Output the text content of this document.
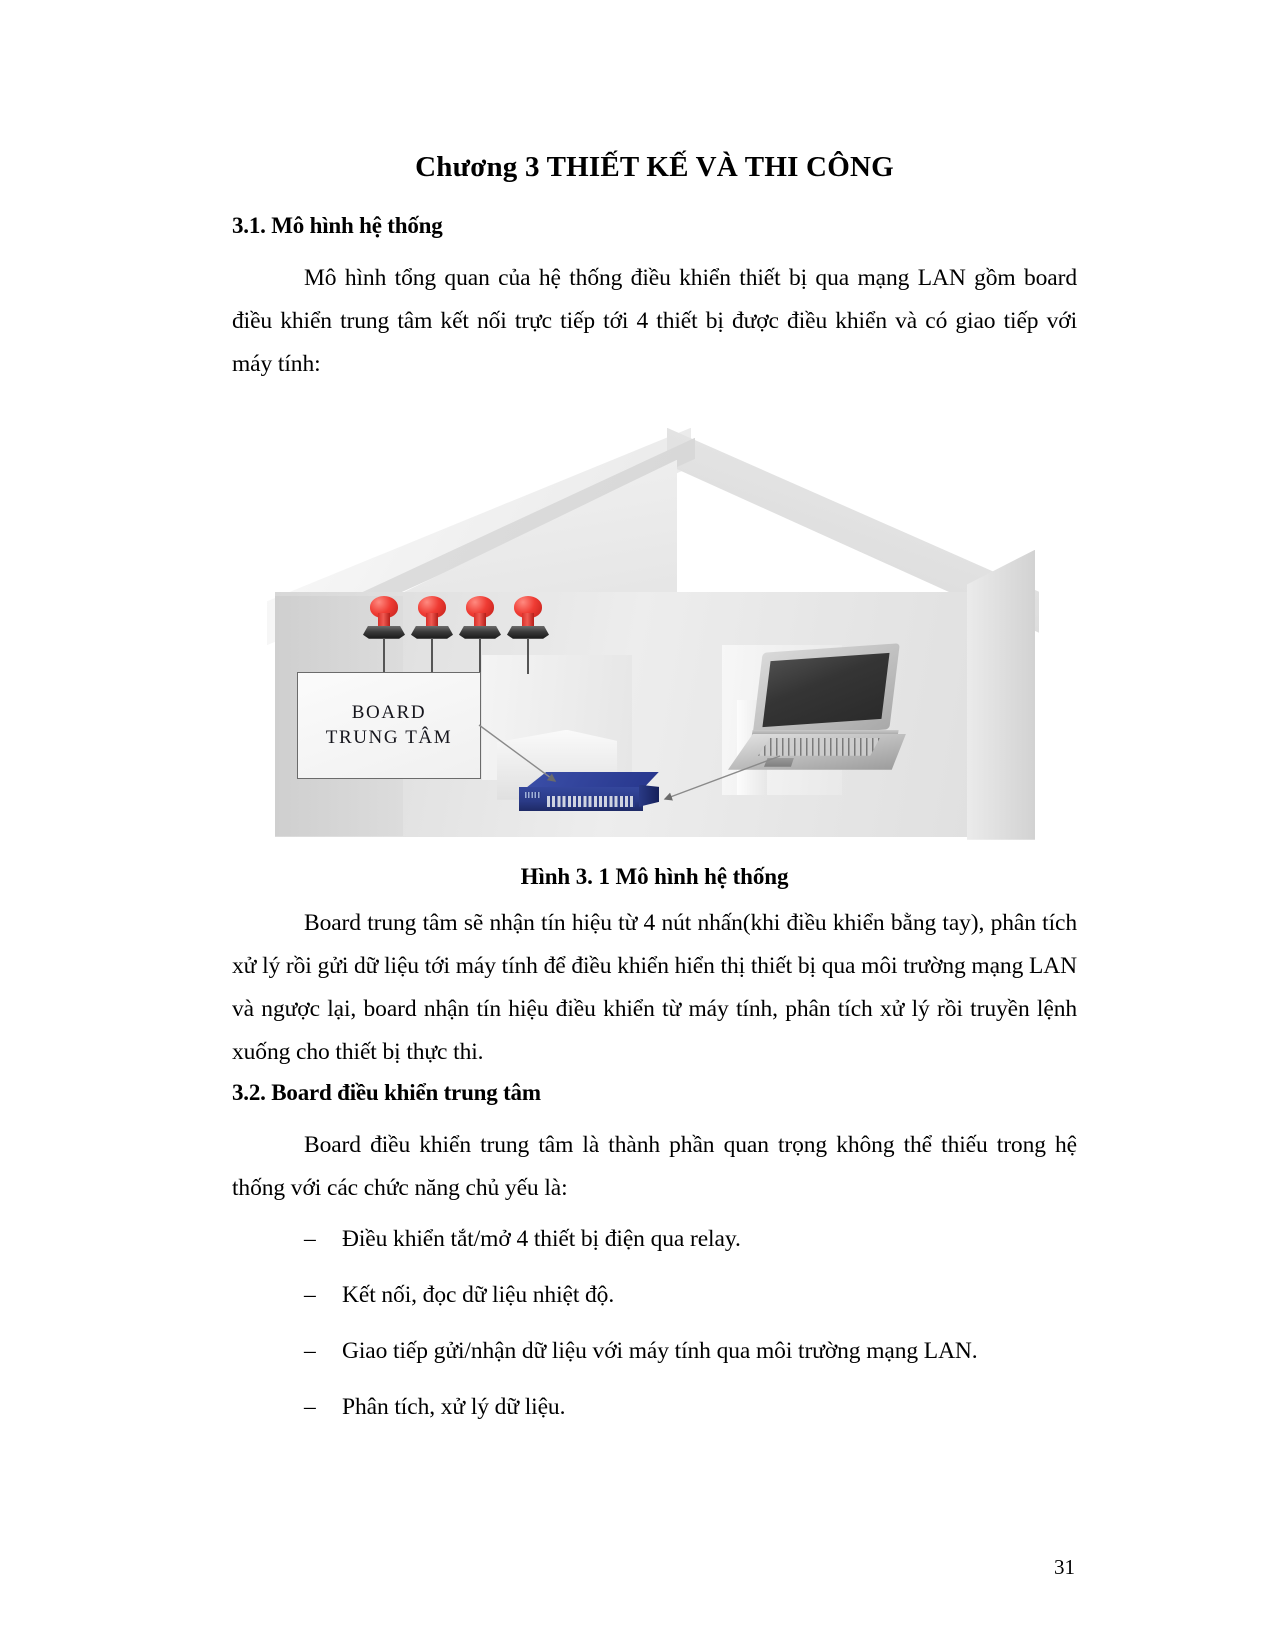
Chương 3 THIẾT KẾ VÀ THI CÔNG
3.1. Mô hình hệ thống

Mô hình tổng quan của hệ thống điều khiển thiết bị qua mạng LAN gồm board điều khiển trung tâm kết nối trực tiếp tới 4 thiết bị được điều khiển và có giao tiếp với máy tính:

BOARD
TRUNG TÂM
Hình 3. 1 Mô hình hệ thống

Board trung tâm sẽ nhận tín hiệu từ 4 nút nhấn(khi điều khiển bằng tay), phân tích xử lý rồi gửi dữ liệu tới máy tính để điều khiển hiển thị thiết bị qua môi trường mạng LAN và ngược lại, board nhận tín hiệu điều khiển từ máy tính, phân tích xử lý rồi truyền lệnh xuống cho thiết bị thực thi.

3.2. Board điều khiển trung tâm

Board điều khiển trung tâm là thành phần quan trọng không thể thiếu trong hệ thống với các chức năng chủ yếu là:

– Điều khiển tắt/mở 4 thiết bị điện qua relay.
– Kết nối, đọc dữ liệu nhiệt độ.
– Giao tiếp gửi/nhận dữ liệu với máy tính qua môi trường mạng LAN.
– Phân tích, xử lý dữ liệu.
31
